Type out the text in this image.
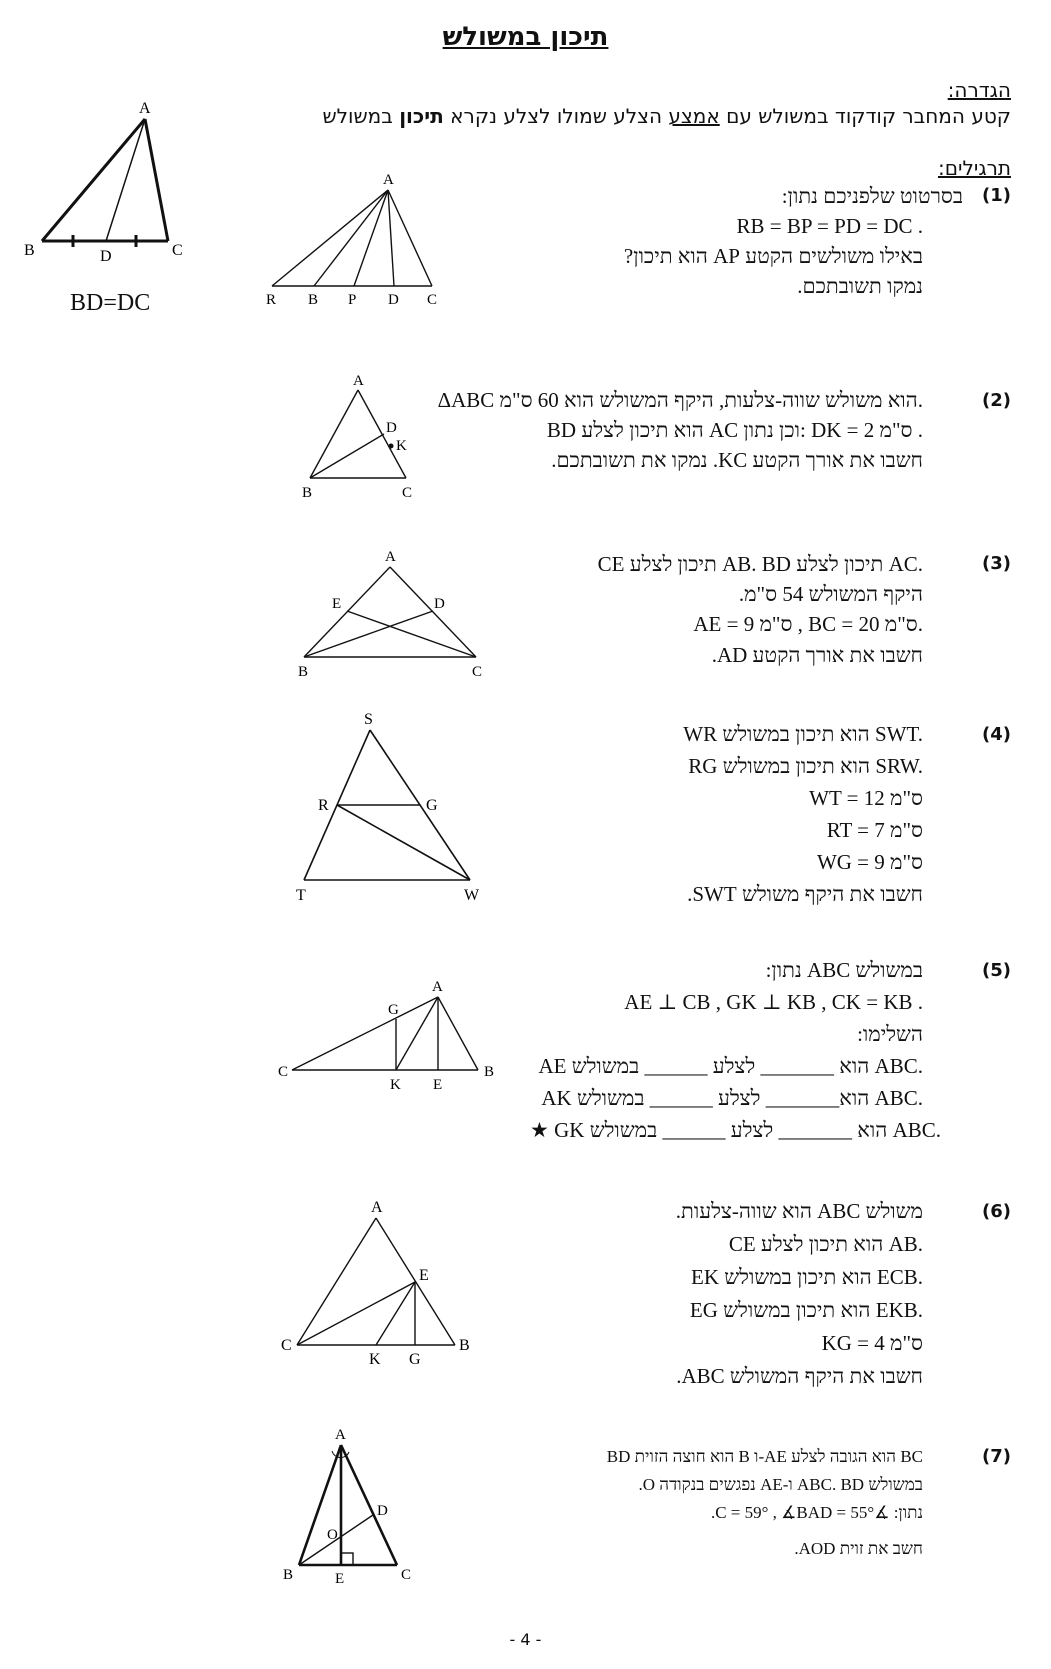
תיכון במשולש
הגדרה:
קטע המחבר קודקוד במשולש עם אמצע הצלע שמולו לצלע נקרא תיכון במשולש
A
B	D	C
BD=DC
תרגילים:
(1)
בסרטוט שלפניכם נתון:
RB = BP = PD = DC .
באילו משולשים הקטע AP הוא תיכון?
נמקו תשובתכם.
A
R B P D C
(2)
ΔABC הוא משולש שווה-צלעות, היקף המשולש הוא 60 ס"מ.
BD הוא תיכון לצלע AC וכן נתון: DK = 2 ס"מ .
חשבו את אורך הקטע KC. נמקו את תשובתכם.
A
D
K
B	C
(3)
CE תיכון לצלע AB. BD תיכון לצלע AC.
היקף המשולש 54 ס"מ.
AE = 9 ס"מ , BC = 20 ס"מ.
חשבו את אורך הקטע AD.
A
E	D
B	C
(4)
WR הוא תיכון במשולש SWT.
RG הוא תיכון במשולש SRW.
WT = 12 ס"מ
RT = 7 ס"מ
WG = 9 ס"מ
חשבו את היקף משולש SWT.
S
R	G
T	W
(5)
במשולש ABC נתון:
AE ⊥ CB , GK ⊥ KB , CK = KB .
השלימו:
AE הוא _______ לצלע ______ במשולש ABC.
AK הוא_______ לצלע ______ במשולש ABC.
★ GK הוא _______ לצלע ______ במשולש ABC.
A
G
C
K E
B
(6)
משולש ABC הוא שווה-צלעות.
CE הוא תיכון לצלע AB.
EK הוא תיכון במשולש ECB.
EG הוא תיכון במשולש EKB.
KG = 4 ס"מ
חשבו את היקף המשולש ABC.
A
E
C
K G
B
(7)
BD הוא חוצה הזוית B ו-AE הוא הגובה לצלע BC
במשולש ABC. BD ו-AE נפגשים בנקודה O.
נתון: ∡C = 59° , ∡BAD = 55°.
חשב את זוית AOD.
A
D
O
B	E	C
- 4 -
